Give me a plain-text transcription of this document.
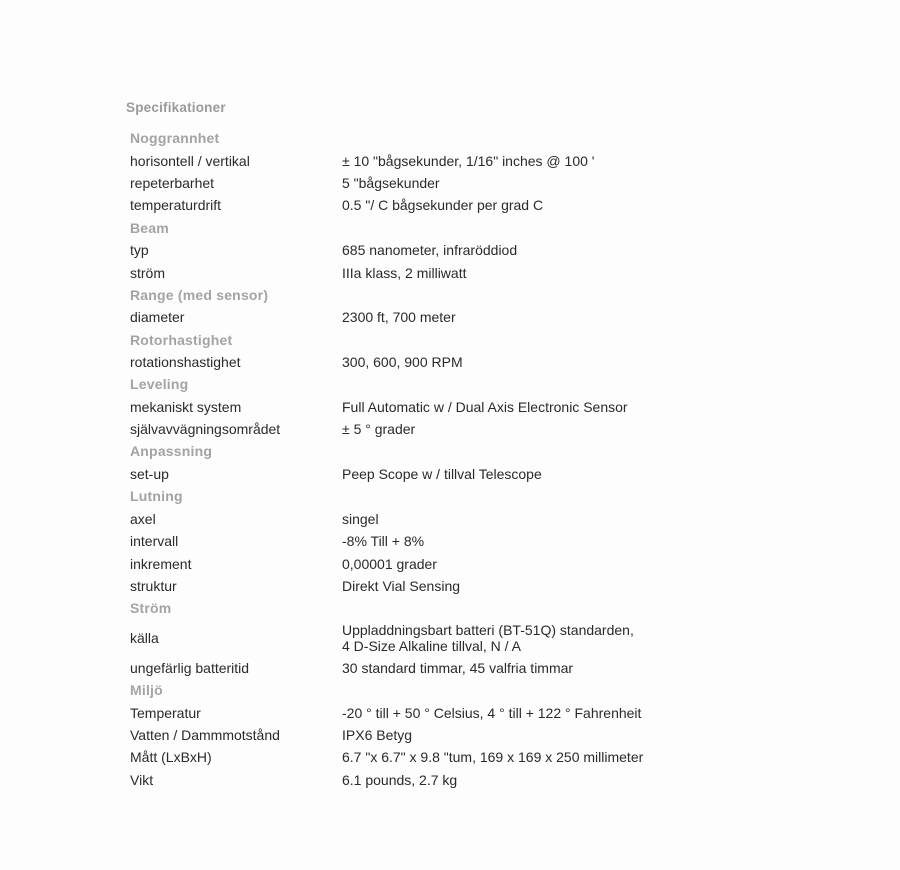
Specifikationer
Noggrannhet
horisontell / vertikal	± 10 "bågsekunder, 1/16" inches @ 100 '
repeterbarhet	5 "bågsekunder
temperaturdrift	0.5 "/ C bågsekunder per grad C
Beam
typ	685 nanometer, infraröddiod
ström	IIIa klass, 2 milliwatt
Range (med sensor)
diameter	2300 ft, 700 meter
Rotorhastighet
rotationshastighet	300, 600, 900 RPM
Leveling
mekaniskt system	Full Automatic w / Dual Axis Electronic Sensor
självavvägningsområdet	± 5 ° grader
Anpassning
set-up	Peep Scope w / tillval Telescope
Lutning
axel	singel
intervall	-8% Till + 8%
inkrement	0,00001 grader
struktur	Direkt Vial Sensing
Ström
källa	Uppladdningsbart batteri (BT-51Q) standarden,
4 D-Size Alkaline tillval, N / A
ungefärlig batteritid	30 standard timmar, 45 valfria timmar
Miljö
Temperatur	-20 ° till + 50 ° Celsius, 4 ° till + 122 ° Fahrenheit
Vatten / Dammmotstånd	IPX6 Betyg
Mått (LxBxH)	6.7 "x 6.7" x 9.8 "tum, 169 x 169 x 250 millimeter
Vikt	6.1 pounds, 2.7 kg
